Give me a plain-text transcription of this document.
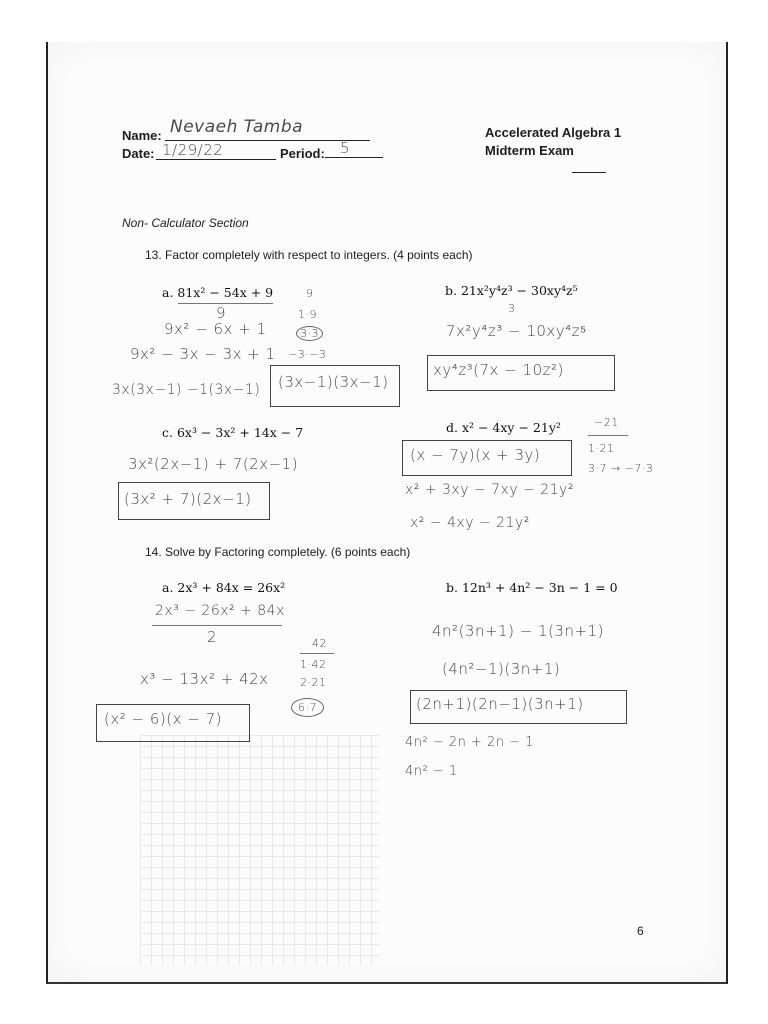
Name: Nevaeh Tamba
Date: 1/29/22	Period: 5
Accelerated Algebra 1
Midterm Exam
Non- Calculator Section
13. Factor completely with respect to integers. (4 points each)
a. 81x² − 54x + 9
9
9x² − 6x + 1
9x² − 3x − 3x + 1
3x(3x−1) −1(3x−1)
9
1·9
3·3
−3·−3
(3x−1)(3x−1)
b. 21x²y⁴z³ − 30xy⁴z⁵
3
7x²y⁴z³ − 10xy⁴z⁵
xy⁴z³(7x − 10z²)
c. 6x³ − 3x² + 14x − 7
3x²(2x−1) + 7(2x−1)
(3x² + 7)(2x−1)
d. x² − 4xy − 21y²	−21
1·21
3·7 → −7·3
(x − 7y)(x + 3y)
x² + 3xy − 7xy − 21y²
x² − 4xy − 21y²
14. Solve by Factoring completely. (6 points each)
a. 2x³ + 84x = 26x²
2x³ − 26x² + 84x
2
x³ − 13x² + 42x
42
1·42
2·21
6·7
(x² − 6)(x − 7)
b. 12n³ + 4n² − 3n − 1 = 0
4n²(3n+1) − 1(3n+1)
(4n²−1)(3n+1)
(2n+1)(2n−1)(3n+1)
4n² − 2n + 2n − 1
4n² − 1
6
